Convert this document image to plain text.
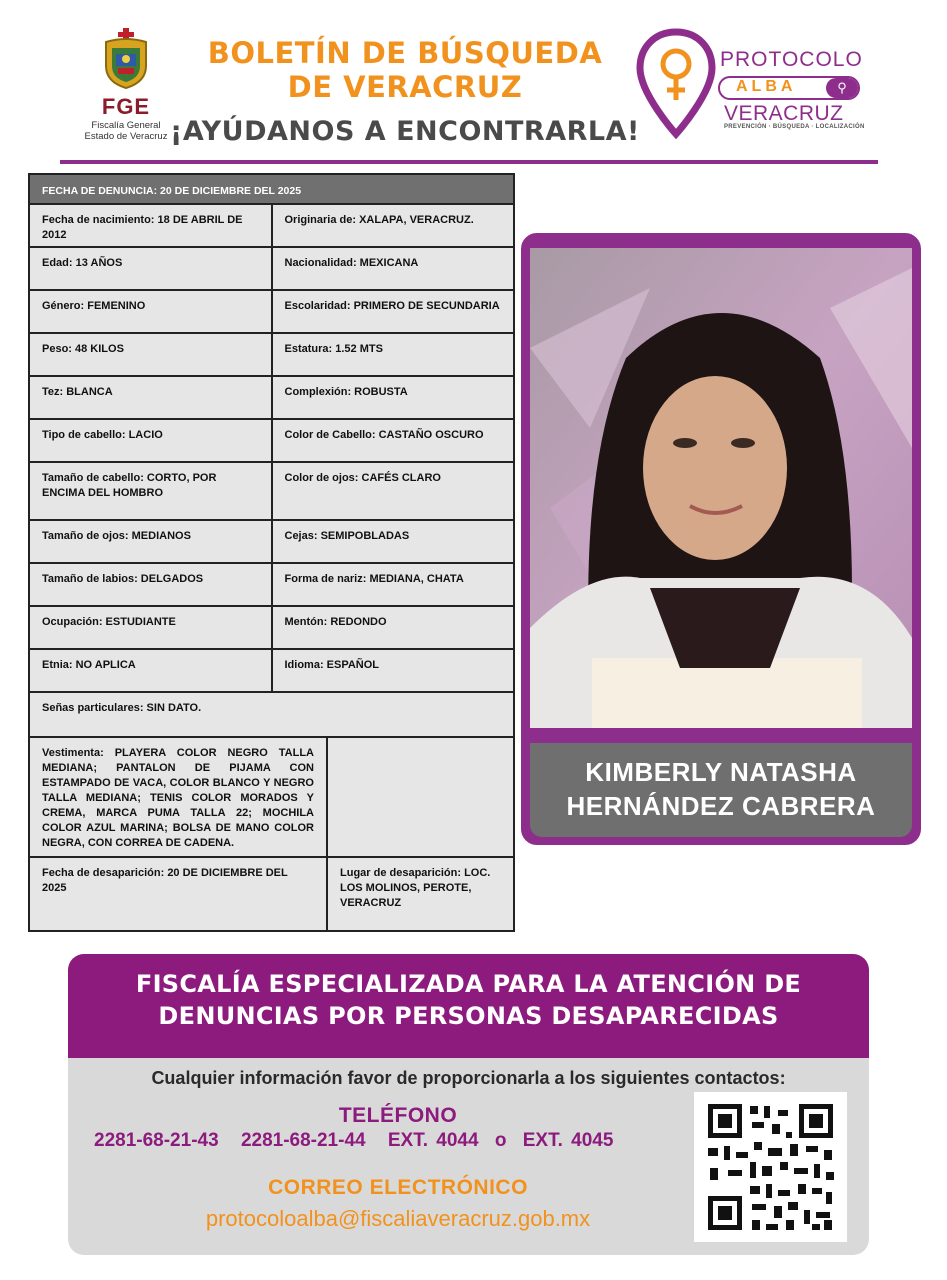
FGE
Fiscalía General
Estado de Veracruz
BOLETÍN DE BÚSQUEDA
DE VERACRUZ
¡AYÚDANOS A ENCONTRARLA!
PROTOCOLO
ALBA	⚲
VERACRUZ
PREVENCIÓN · BÚSQUEDA · LOCALIZACIÓN
FECHA DE DENUNCIA: 20 DE DICIEMBRE DEL 2025
Fecha de nacimiento: 18 DE ABRIL DE 2012
Originaria de: XALAPA, VERACRUZ.
Edad: 13 AÑOS	Nacionalidad: MEXICANA
Género: FEMENINO	Escolaridad: PRIMERO DE SECUNDARIA
Peso: 48 KILOS	Estatura: 1.52 MTS
Tez: BLANCA	Complexión: ROBUSTA
Tipo de cabello: LACIO	Color de Cabello: CASTAÑO OSCURO
Tamaño de cabello: CORTO, POR ENCIMA DEL HOMBRO
Color de ojos: CAFÉS CLARO
Tamaño de ojos: MEDIANOS	Cejas: SEMIPOBLADAS
Tamaño de labios: DELGADOS	Forma de nariz: MEDIANA, CHATA
Ocupación: ESTUDIANTE	Mentón: REDONDO
Etnia: NO APLICA	Idioma: ESPAÑOL
Señas particulares: SIN DATO.
Vestimenta: PLAYERA COLOR NEGRO TALLA MEDIANA; PANTALON DE PIJAMA CON ESTAMPADO DE VACA, COLOR BLANCO Y NEGRO TALLA MEDIANA; TENIS COLOR MORADOS Y CREMA, MARCA PUMA TALLA 22; MOCHILA COLOR AZUL MARINA; BOLSA DE MANO COLOR NEGRA, CON CORREA DE CADENA.
Fecha de desaparición: 20 DE DICIEMBRE DEL 2025
Lugar de desaparición: LOC. LOS MOLINOS, PEROTE, VERACRUZ
KIMBERLY NATASHA
HERNÁNDEZ CABRERA
FISCALÍA ESPECIALIZADA PARA LA ATENCIÓN DE
DENUNCIAS POR PERSONAS DESAPARECIDAS
Cualquier información favor de proporcionarla a los siguientes contactos:
TELÉFONO
2281-68-21-43 2281-68-21-44 EXT. 4044 o EXT. 4045
CORREO ELECTRÓNICO
protocoloalba@fiscaliaveracruz.gob.mx
